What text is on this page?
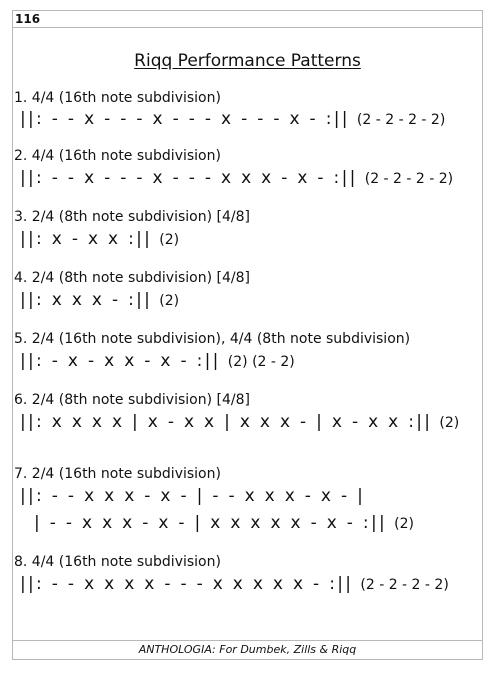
116
Riqq Performance Patterns
1. 4/4 (16th note subdivision)
||: - - x - - - x - - - x - - - x - :|| (2 - 2 - 2 - 2)
2. 4/4 (16th note subdivision)
||: - - x - - - x - - - x x x - x - :|| (2 - 2 - 2 - 2)
3. 2/4 (8th note subdivision) [4/8]
||: x - x x :|| (2)
4. 2/4 (8th note subdivision) [4/8]
||: x x x - :|| (2)
5. 2/4 (16th note subdivision), 4/4 (8th note subdivision)
||: - x - x x - x - :|| (2) (2 - 2)
6. 2/4 (8th note subdivision) [4/8]
||: x x x x | x - x x | x x x - | x - x x :|| (2)
7. 2/4 (16th note subdivision)
||: - - x x x - x - | - - x x x - x - |
| - - x x x - x - | x x x x x - x - :|| (2)
8. 4/4 (16th note subdivision)
||: - - x x x x - - - x x x x x - :|| (2 - 2 - 2 - 2)
ANTHOLOGIA: For Dumbek, Zills & Riqq
